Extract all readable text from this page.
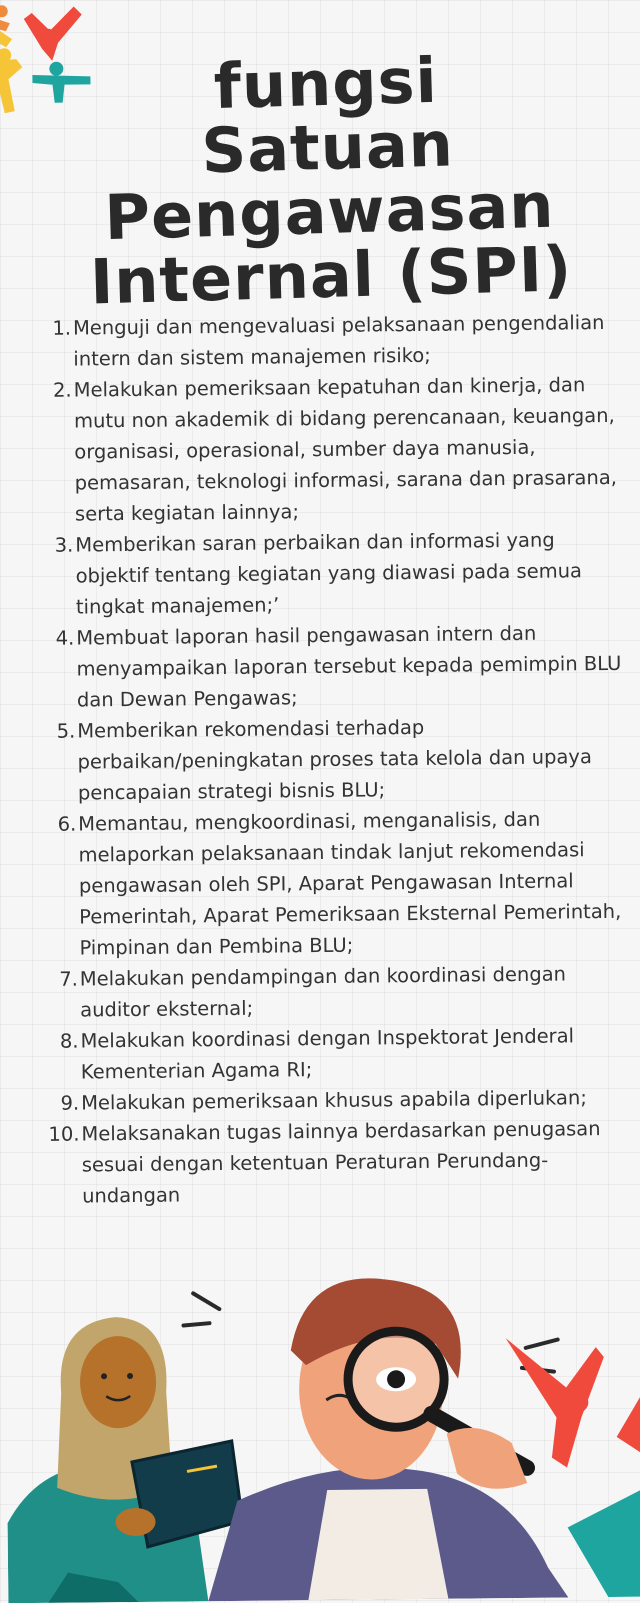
fungsi Satuan
Pengawasan
Internal (SPI)
1. Menguji dan mengevaluasi pelaksanaan pengendalian intern dan sistem manajemen risiko;
2. Melakukan pemeriksaan kepatuhan dan kinerja, dan mutu non akademik di bidang perencanaan, keuangan, organisasi, operasional, sumber daya manusia, pemasaran, teknologi informasi, sarana dan prasarana, serta kegiatan lainnya;
3. Memberikan saran perbaikan dan informasi yang objektif tentang kegiatan yang diawasi pada semua tingkat manajemen;’
4. Membuat laporan hasil pengawasan intern dan menyampaikan laporan tersebut kepada pemimpin BLU dan Dewan Pengawas;
5. Memberikan rekomendasi terhadap perbaikan/peningkatan proses tata kelola dan upaya pencapaian strategi bisnis BLU;
6. Memantau, mengkoordinasi, menganalisis, dan melaporkan pelaksanaan tindak lanjut rekomendasi pengawasan oleh SPI, Aparat Pengawasan Internal Pemerintah, Aparat Pemeriksaan Eksternal Pemerintah, Pimpinan dan Pembina BLU;
7. Melakukan pendampingan dan koordinasi dengan auditor eksternal;
8. Melakukan koordinasi dengan Inspektorat Jenderal Kementerian Agama RI;
9. Melakukan pemeriksaan khusus apabila diperlukan;
10. Melaksanakan tugas lainnya berdasarkan penugasan sesuai dengan ketentuan Peraturan Perundang-undangan
